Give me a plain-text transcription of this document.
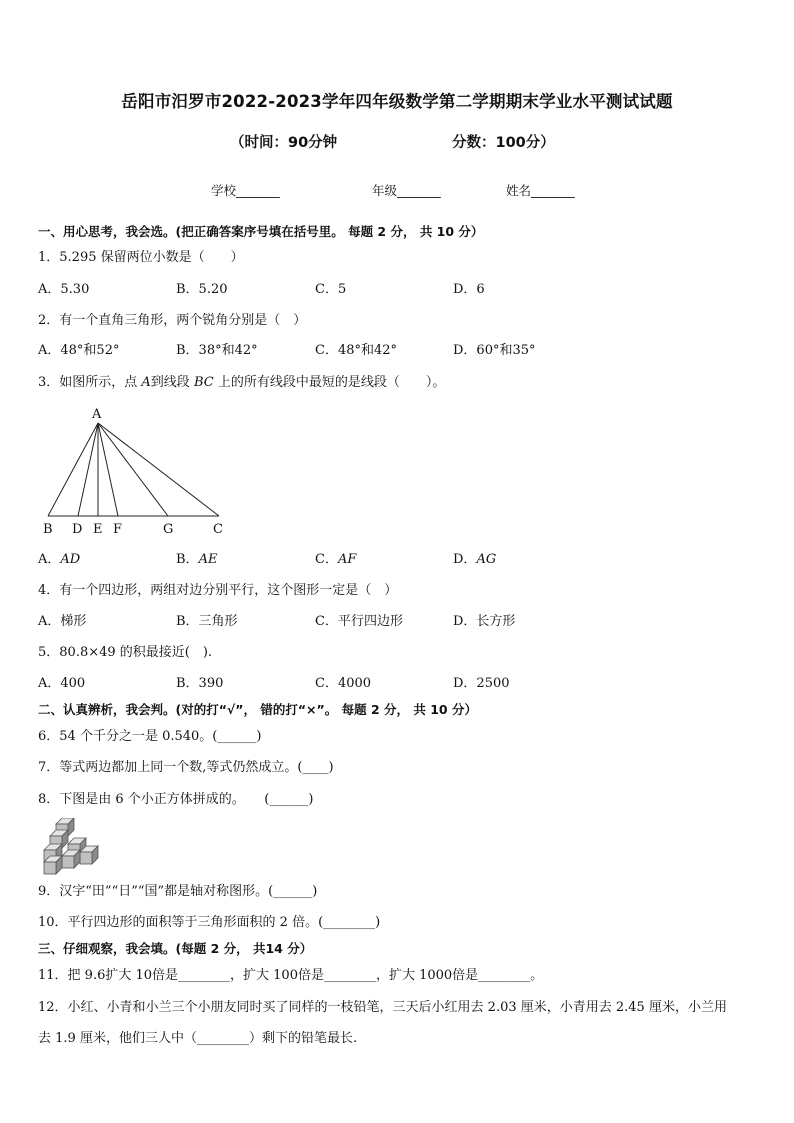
岳阳市汨罗市2022-2023学年四年级数学第二学期期末学业水平测试试题
（时间：90分钟	分数：100分）
学校_______	年级_______	姓名_______
一、用心思考，我会选。(把正确答案序号填在括号里。 每题 2 分， 共 10 分）
1．5.295 保留两位小数是（　　）
A．5.30	B．5.20	C．5	D．6
2．有一个直角三角形，两个锐角分别是（　）
A．48°和52°	B．38°和42°	C．48°和42°	D．60°和35°
3．如图所示，点 A到线段 BC 上的所有线段中最短的是线段（　　）。
A
B D E F	G	C
A．AD	B．AE	C．AF	D．AG
4．有一个四边形，两组对边分别平行，这个图形一定是（　）
A．梯形	B．三角形	C．平行四边形	D．长方形
5．80.8×49 的积最接近(　).
A．400	B．390	C．4000	D．2500
二、认真辨析，我会判。(对的打“√”， 错的打“×”。 每题 2 分， 共 10 分）
6．54 个千分之一是 0.540。(______)
7．等式两边都加上同一个数,等式仍然成立。(____)
8．下图是由 6 个小正方体拼成的。　　(______)
9．汉字“田”“日”“国”都是轴对称图形。(______)
10．平行四边形的面积等于三角形面积的 2 倍。(________)
三、仔细观察，我会填。(每题 2 分， 共14 分）
11．把 9.6扩大 10倍是________，扩大 100倍是________，扩大 1000倍是________。
12．小红、小青和小兰三个小朋友同时买了同样的一枝铅笔，三天后小红用去 2.03 厘米，小青用去 2.45 厘米，小兰用
去 1.9 厘米，他们三人中（________）剩下的铅笔最长.
